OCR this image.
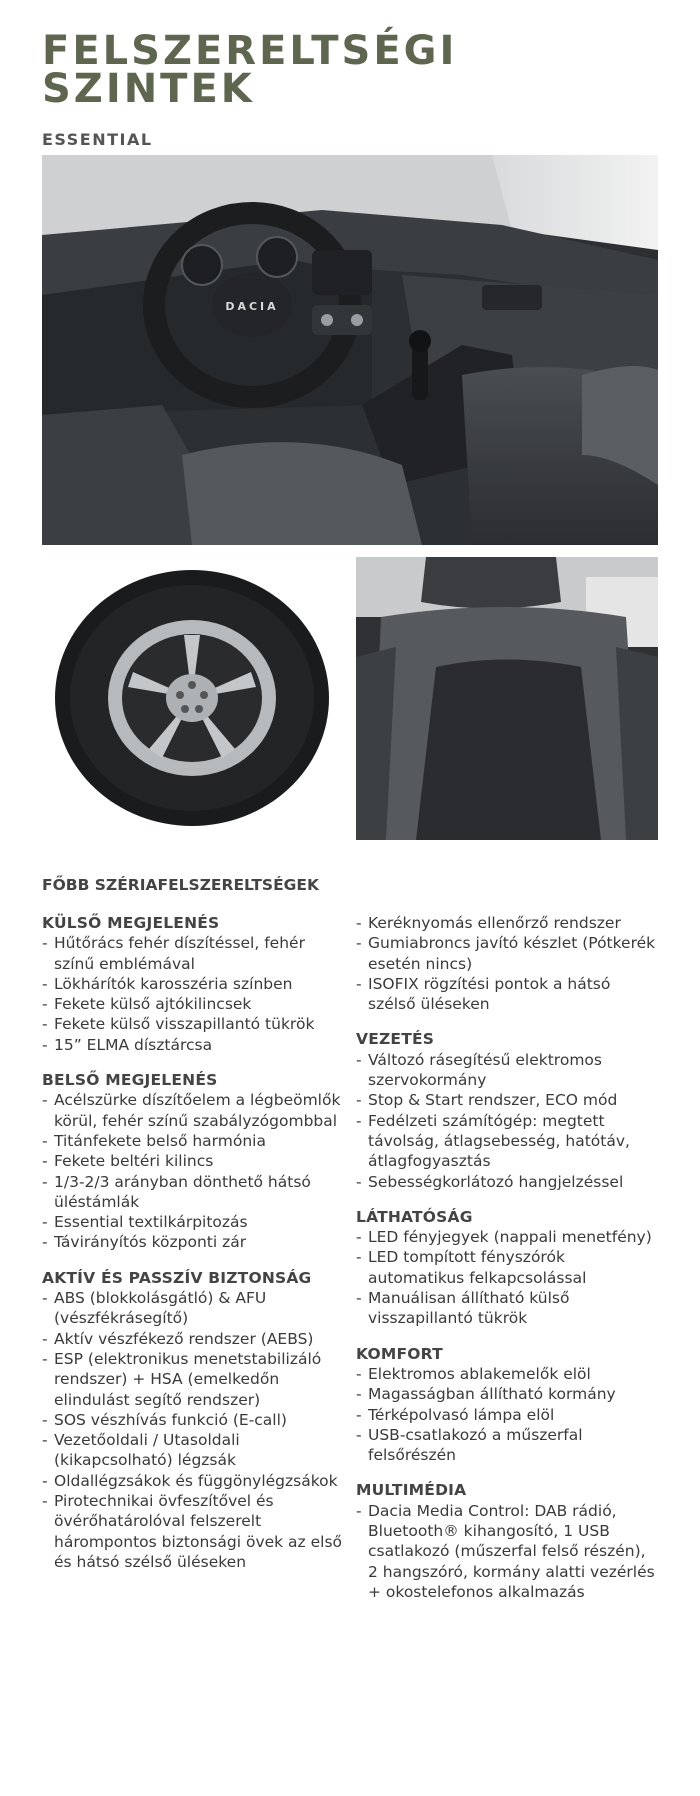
FELSZERELTSÉGI
SZINTEK
ESSENTIAL
DACIA
FŐBB SZÉRIAFELSZERELTSÉGEK
KÜLSŐ MEGJELENÉS
- Hűtőrács fehér díszítéssel, fehér színű emblémával
- Lökhárítók karosszéria színben
- Fekete külső ajtókilincsek
- Fekete külső visszapillantó tükrök
- 15” ELMA dísztárcsa
BELSŐ MEGJELENÉS
- Acélszürke díszítőelem a légbeömlők körül, fehér színű szabályzógombbal
- Titánfekete belső harmónia
- Fekete beltéri kilincs
- 1/3-2/3 arányban dönthető hátsó üléstámlák
- Essential textilkárpitozás
- Távirányítós központi zár
AKTÍV ÉS PASSZÍV BIZTONSÁG
- ABS (blokkolásgátló) & AFU (vészfékrásegítő)
- Aktív vészfékező rendszer (AEBS)
- ESP (elektronikus menetstabilizáló rendszer) + HSA (emelkedőn elindulást segítő rendszer)
- SOS vészhívás funkció (E-call)
- Vezetőoldali / Utasoldali (kikapcsolható) légzsák
- Oldallégzsákok és függönylégzsákok
- Pirotechnikai övfeszítővel és övérőhatárolóval felszerelt hárompontos biztonsági övek az első és hátsó szélső üléseken
- Keréknyomás ellenőrző rendszer
- Gumiabroncs javító készlet (Pótkerék esetén nincs)
- ISOFIX rögzítési pontok a hátsó szélső üléseken
VEZETÉS
- Változó rásegítésű elektromos szervokormány
- Stop & Start rendszer, ECO mód
- Fedélzeti számítógép: megtett távolság, átlagsebesség, hatótáv, átlagfogyasztás
- Sebességkorlátozó hangjelzéssel
LÁTHATÓSÁG
- LED fényjegyek (nappali menetfény)
- LED tompított fényszórók automatikus felkapcsolással
- Manuálisan állítható külső visszapillantó tükrök
KOMFORT
- Elektromos ablakemelők elöl
- Magasságban állítható kormány
- Térképolvasó lámpa elöl
- USB-csatlakozó a műszerfal felsőrészén
MULTIMÉDIA
- Dacia Media Control: DAB rádió, Bluetooth® kihangosító, 1 USB csatlakozó (műszerfal felső részén), 2 hangszóró, kormány alatti vezérlés + okostelefonos alkalmazás
